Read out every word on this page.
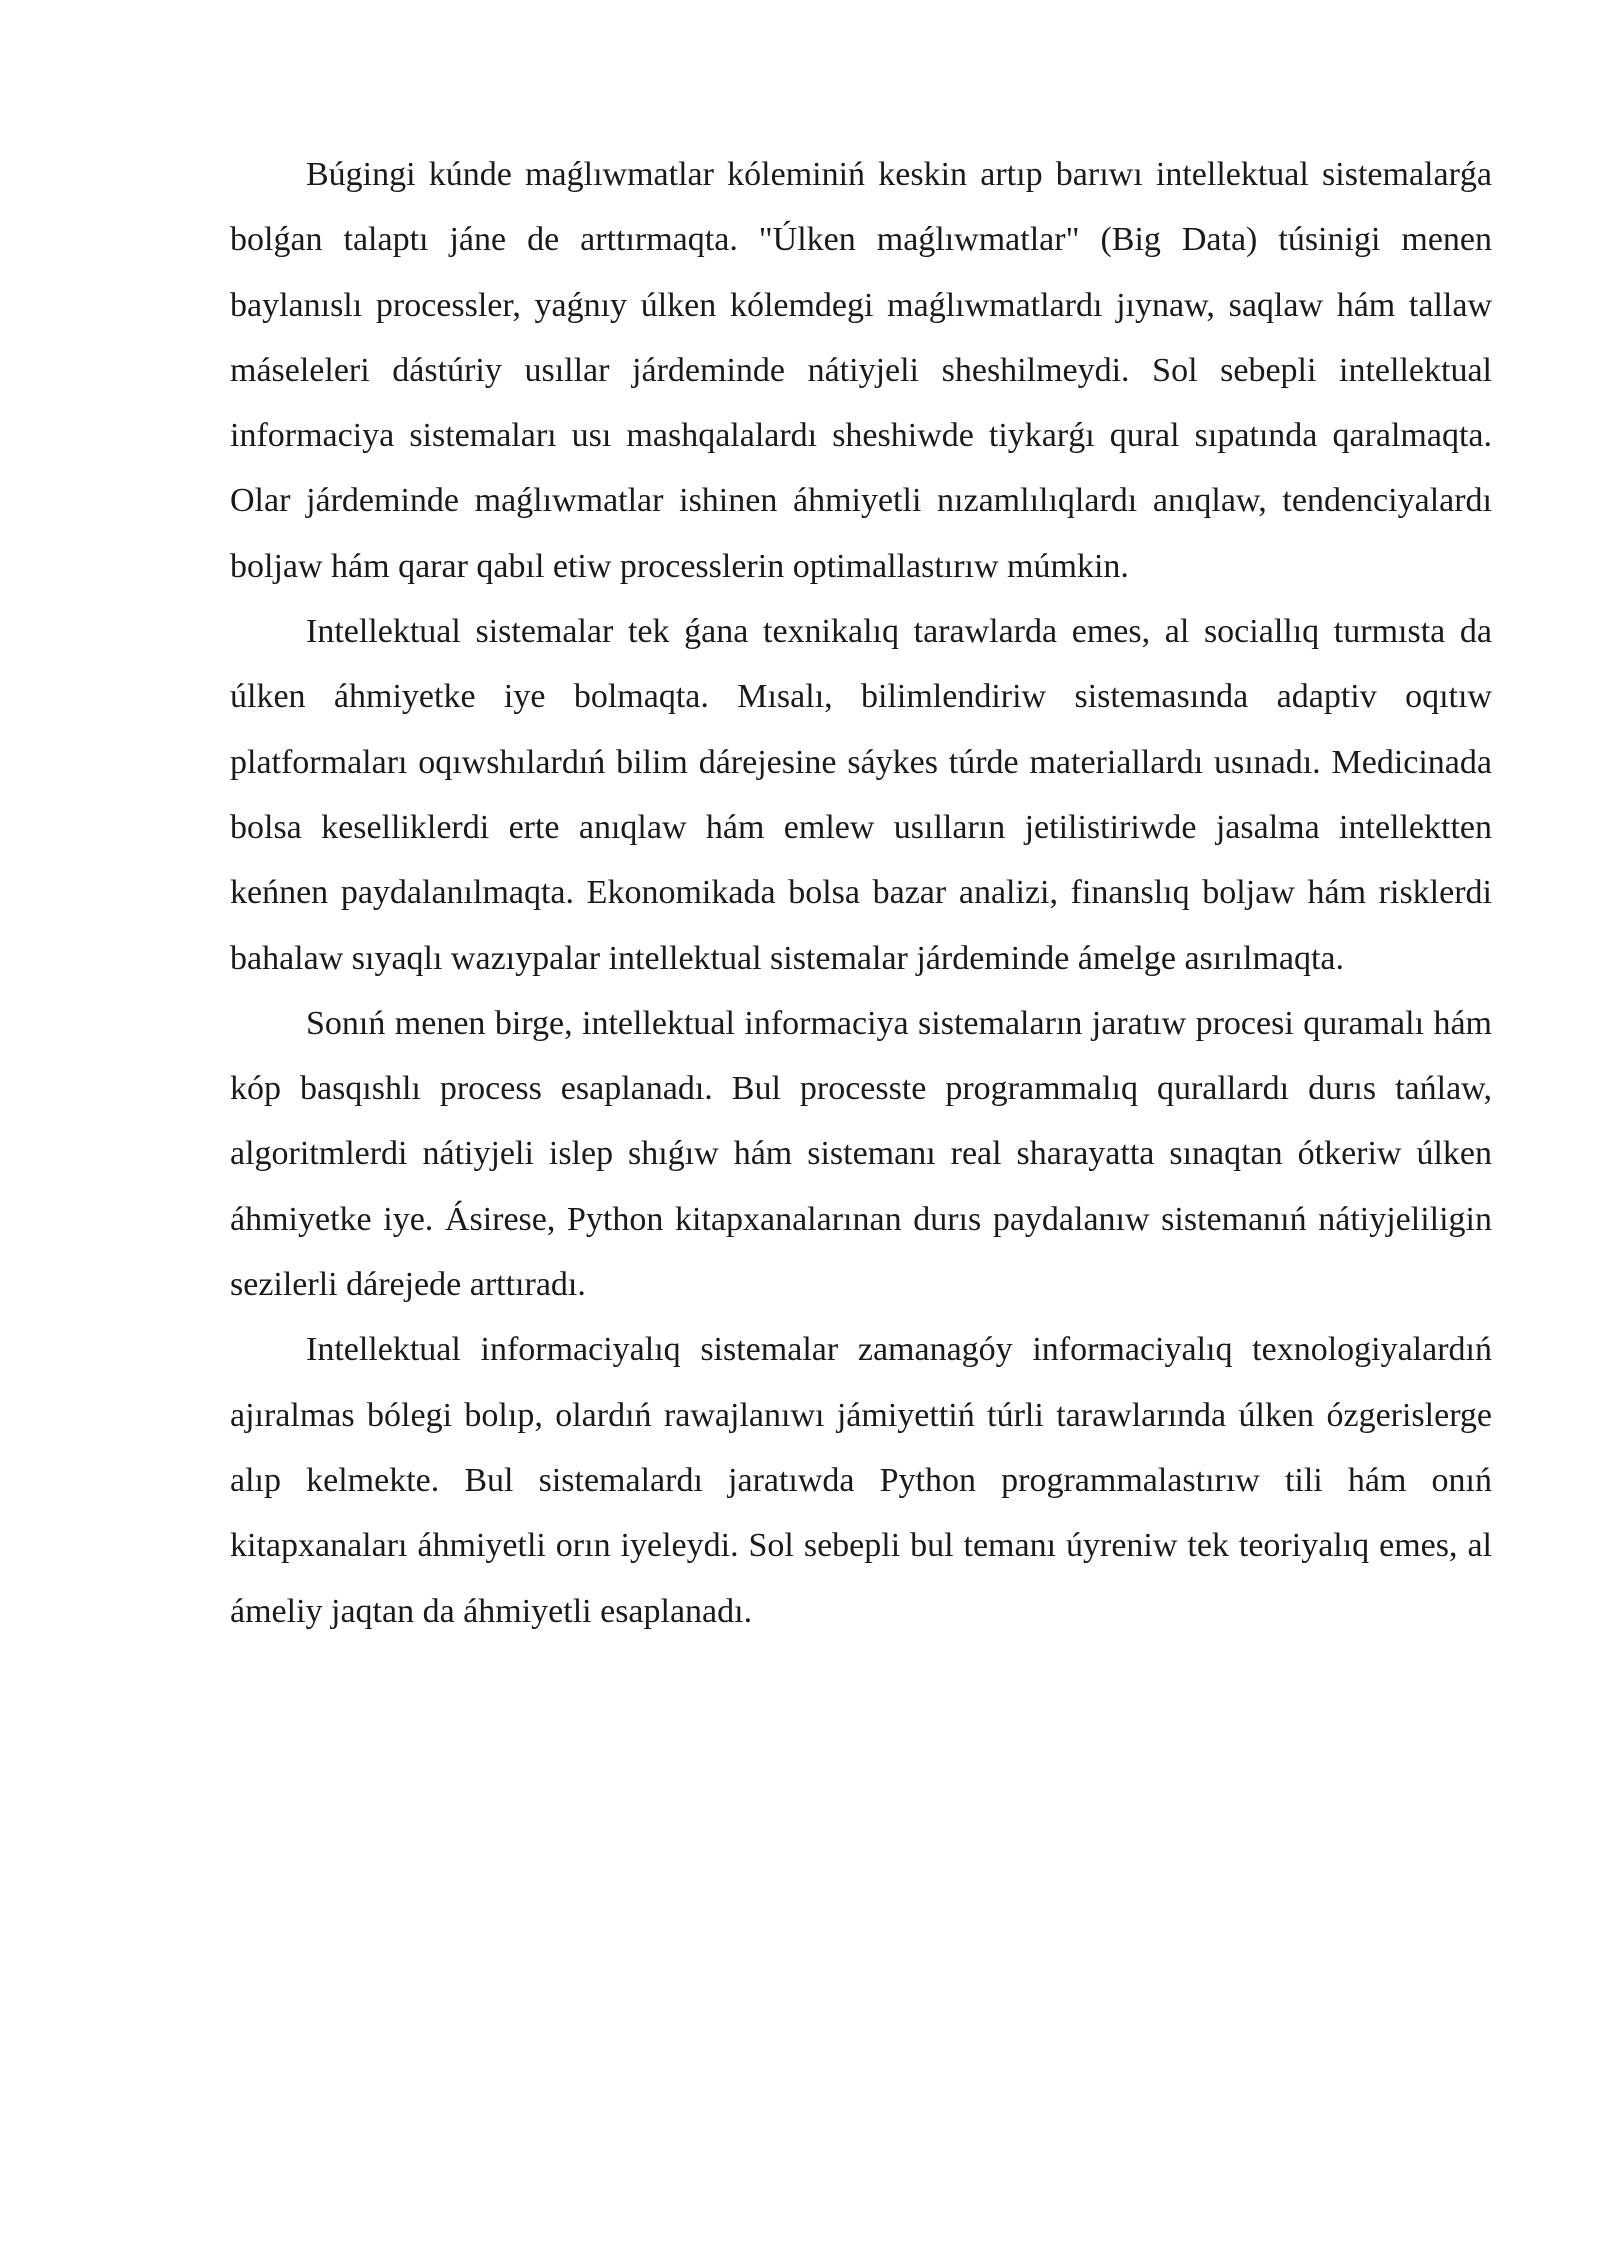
Búgingi kúnde maǵlıwmatlar kóleminiń keskin artıp barıwı intellektual sistemalarǵa bolǵan talaptı jáne de arttırmaqta. "Úlken maǵlıwmatlar" (Big Data) túsinigi menen baylanıslı processler, yaǵnıy úlken kólemdegi maǵlıwmatlardı jıynaw, saqlaw hám tallaw máseleleri dástúriy usıllar járdeminde nátiyjeli sheshilmeydi. Sol sebepli intellektual informaciya sistemaları usı mashqalalardı sheshiwde tiykarǵı qural sıpatında qaralmaqta. Olar járdeminde maǵlıwmatlar ishinen áhmiyetli nızamlılıqlardı anıqlaw, tendenciyalardı boljaw hám qarar qabıl etiw processlerin optimallastırıw múmkin.

Intellektual sistemalar tek ǵana texnikalıq tarawlarda emes, al sociallıq turmısta da úlken áhmiyetke iye bolmaqta. Mısalı, bilimlendiriw sistemasında adaptiv oqıtıw platformaları oqıwshılardıń bilim dárejesine sáykes túrde materiallardı usınadı. Medicinada bolsa keselliklerdi erte anıqlaw hám emlew usılların jetilistiriwde jasalma intellektten keńnen paydalanılmaqta. Ekonomikada bolsa bazar analizi, finanslıq boljaw hám risklerdi bahalaw sıyaqlı wazıypalar intellektual sistemalar járdeminde ámelge asırılmaqta.

Sonıń menen birge, intellektual informaciya sistemaların jaratıw procesi quramalı hám kóp basqıshlı process esaplanadı. Bul processte programmalıq qurallardı durıs tańlaw, algoritmlerdi nátiyjeli islep shıǵıw hám sistemanı real sharayatta sınaqtan ótkeriw úlken áhmiyetke iye. Ásirese, Python kitapxanalarınan durıs paydalanıw sistemanıń nátiyjeliligin sezilerli dárejede arttıradı.

Intellektual informaciyalıq sistemalar zamanagóy informaciyalıq texnologiyalardıń ajıralmas bólegi bolıp, olardıń rawajlanıwı jámiyettiń túrli tarawlarında úlken ózgerislerge alıp kelmekte. Bul sistemalardı jaratıwda Python programmalastırıw tili hám onıń kitapxanaları áhmiyetli orın iyeleydi. Sol sebepli bul temanı úyreniw tek teoriyalıq emes, al ámeliy jaqtan da áhmiyetli esaplanadı.
